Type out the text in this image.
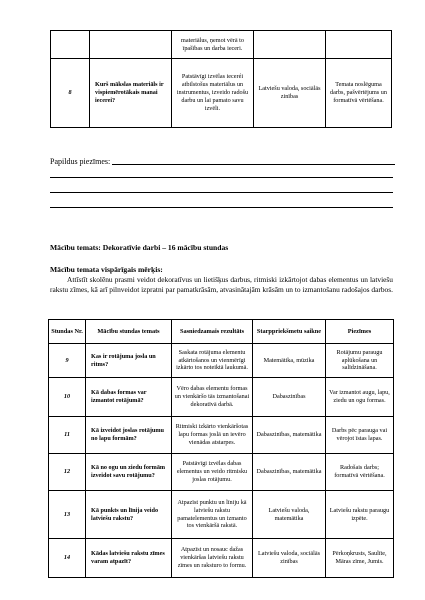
		materiālus, ņemot vērā to īpašības un darba ieceri.		
8	Kurš mākslas materiāls ir vispiemērotākais manai iecerei?	Patstāvīgi izvēlas ieceréi atbilstošus materiālus un instrumentus, izveido radošu darbu un lai pamato savu izvēli.	Latviešu valoda, sociālās zinības	Temata noslēguma darbs, pašvērtējums un formatīvā vērtēšana.
Papildus piezīmes:
Mācību temats: Dekoratīvie darbi – 16 mācību stundas
Mācību temata vispārīgais mērķis:
Attīstīt skolēnu prasmi veidot dekoratīvus un lietišķus darbus, ritmiski izkārtojot dabas elementus un latviešu rakstu zīmes, kā arī pilnveidot izpratni par pamatkrāsām, atvasinātajām krāsām un to izmantošanu radošajos darbos.
Stundas Nr.	Mācību stundas temats	Sasniedzamais rezultāts	Starppriekšmetu saikne	Piezīmes
9	Kas ir rotājuma josla un ritms?	Saskata rotājuma elementu atkārtošanos un vienmērīgi izkārto tos noteiktā laukumā.	Matemātika, mūzika	Rotājumu paraugu aplūkošana un salīdzināšana.
10	Kā dabas formas var izmantot rotājumā?	Vēro dabas elementu formas un vienkāršo tās izmantošanai dekoratīvā darbā.	Dabaszinības	Var izmantot augu, lapu, ziedu un ogu formas.
11	Kā izveidot joslas rotājumu no lapu formām?	Ritmiski izkārto vienkāršotas lapu formas joslā un ievēro vienādas atstarpes.	Dabaszinības, matemātika	Darbs pēc parauga vai vērojot īstas lapas.
12	Kā no ogu un ziedu formām izveidot savu rotājumu?	Patstāvīgi izvēlas dabas elementus un veido ritmisku joslas rotājumu.	Dabaszinības, matemātika	Radošais darbs; formatīvā vērtēšana.
13	Kā punkts un līnija veido latviešu rakstu?	Atpazīst punktu un līniju kā latviešu rakstu pamatelementus un izmanto tos vienkāršā rakstā.	Latviešu valoda, matemātika	Latviešu rakstu paraugu izpēte.
14	Kādas latviešu rakstu zīmes varam atpazīt?	Atpazīst un nosauc dažas vienkāršas latviešu rakstu zīmes un raksturo to formu.	Latviešu valoda, sociālās zinības	Pērkoņkrusts, Saulīte, Māras zīme, Jumis.
